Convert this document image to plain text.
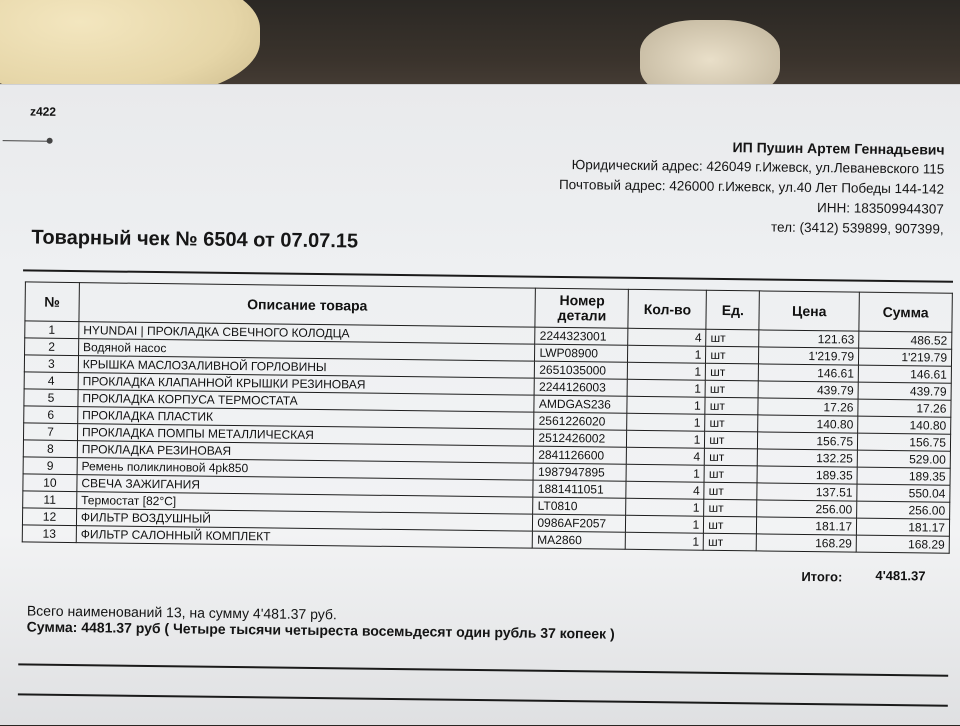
z422
ИП Пушин Артем Геннадьевич
Юридический адрес: 426049 г.Ижевск, ул.Леваневского 115
Почтовый адрес: 426000 г.Ижевск, ул.40 Лет Победы 144-142
ИНН: 183509944307
тел: (3412) 539899, 907399,
Товарный чек № 6504 от 07.07.15
№	Описание товара	Номер детали	Кол-во	Ед.	Цена	Сумма
1	HYUNDAI | ПРОКЛАДКА СВЕЧНОГО КОЛОДЦА	2244323001	4	шт	121.63	486.52
2	Водяной насос	LWP08900	1	шт	1'219.79	1'219.79
3	КРЫШКА МАСЛОЗАЛИВНОЙ ГОРЛОВИНЫ	2651035000	1	шт	146.61	146.61
4	ПРОКЛАДКА КЛАПАННОЙ КРЫШКИ РЕЗИНОВАЯ	2244126003	1	шт	439.79	439.79
5	ПРОКЛАДКА КОРПУСА ТЕРМОСТАТА	AMDGAS236	1	шт	17.26	17.26
6	ПРОКЛАДКА ПЛАСТИК	2561226020	1	шт	140.80	140.80
7	ПРОКЛАДКА ПОМПЫ МЕТАЛЛИЧЕСКАЯ	2512426002	1	шт	156.75	156.75
8	ПРОКЛАДКА РЕЗИНОВАЯ	2841126600	4	шт	132.25	529.00
9	Ремень поликлиновой 4pk850	1987947895	1	шт	189.35	189.35
10	СВЕЧА ЗАЖИГАНИЯ	1881411051	4	шт	137.51	550.04
11	Термостат [82°C]	LT0810	1	шт	256.00	256.00
12	ФИЛЬТР ВОЗДУШНЫЙ	0986AF2057	1	шт	181.17	181.17
13	ФИЛЬТР САЛОННЫЙ КОМПЛЕКТ	MA2860	1	шт	168.29	168.29
Итого:	4'481.37
Всего наименований 13, на сумму 4'481.37 руб.
Сумма: 4481.37 руб ( Четыре тысячи четыреста восемьдесят один рубль 37 копеек )
